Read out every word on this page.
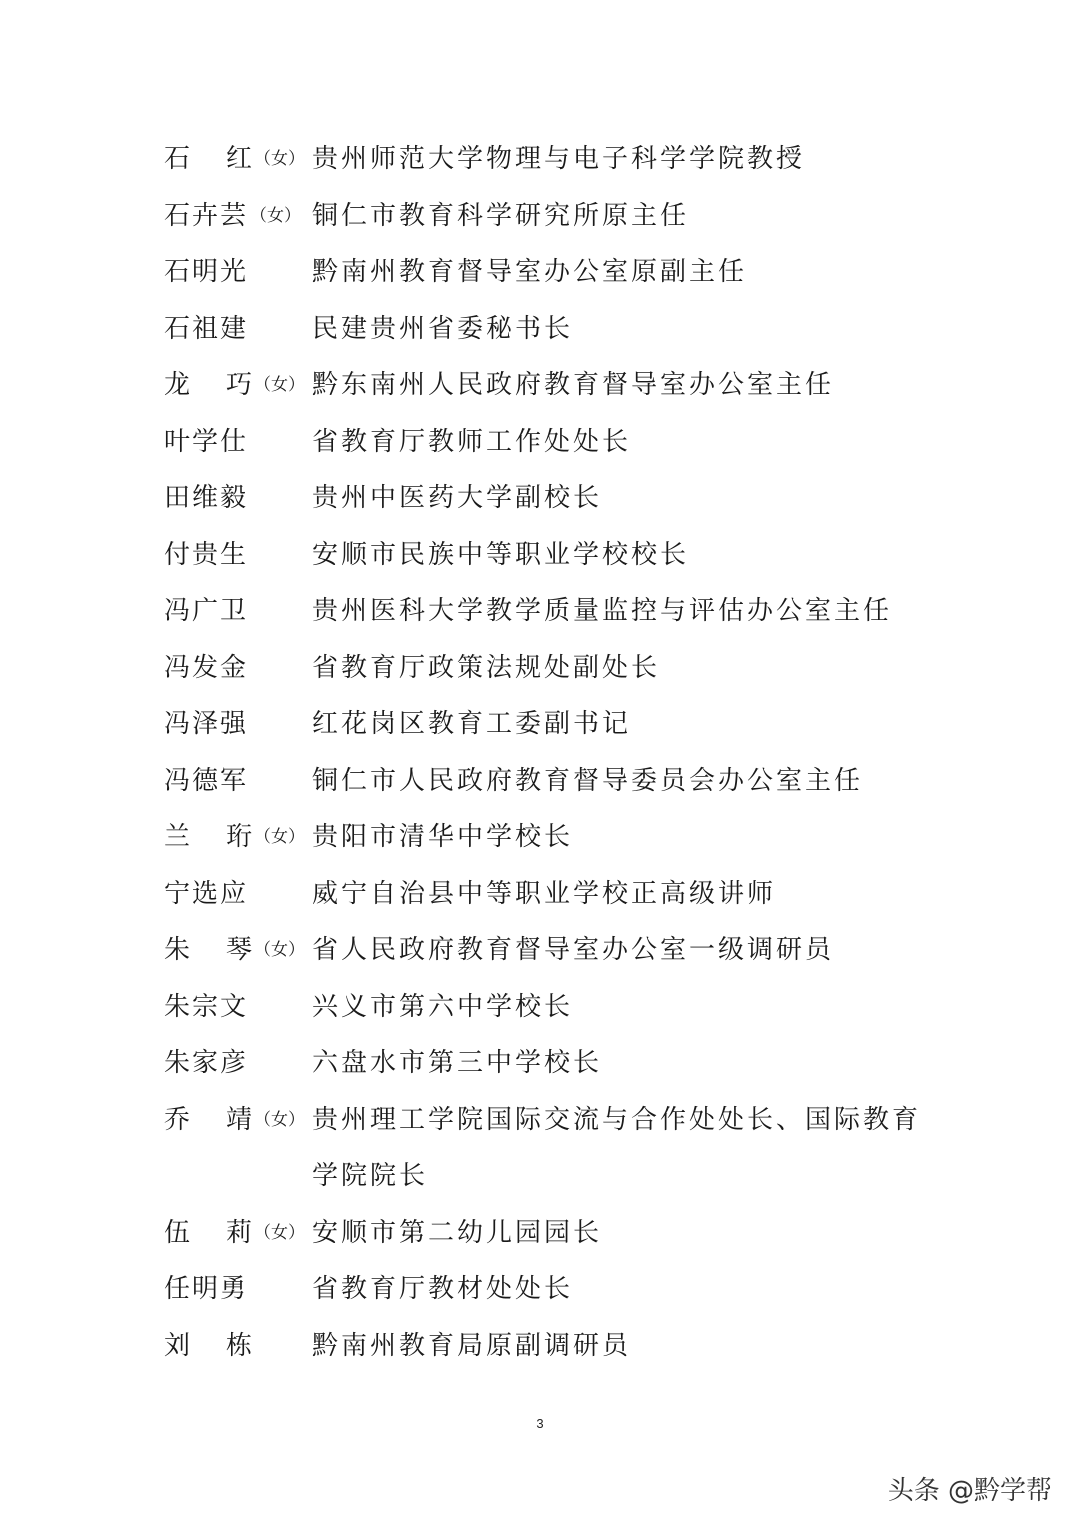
石	红 （女） 贵州师范大学物理与电子科学学院教授
石卉芸 （女） 铜仁市教育科学研究所原主任
石明光 黔南州教育督导室办公室原副主任
石祖建 民建贵州省委秘书长
龙	巧 （女） 黔东南州人民政府教育督导室办公室主任
叶学仕 省教育厅教师工作处处长
田维毅 贵州中医药大学副校长
付贵生 安顺市民族中等职业学校校长
冯广卫 贵州医科大学教学质量监控与评估办公室主任
冯发金 省教育厅政策法规处副处长
冯泽强 红花岗区教育工委副书记
冯德军 铜仁市人民政府教育督导委员会办公室主任
兰	珩 （女） 贵阳市清华中学校长
宁选应 威宁自治县中等职业学校正高级讲师
朱	琴 （女） 省人民政府教育督导室办公室一级调研员
朱宗文 兴义市第六中学校长
朱家彦 六盘水市第三中学校长
乔	靖 （女） 贵州理工学院国际交流与合作处处长、国际教育学院院长
伍	莉 （女） 安顺市第二幼儿园园长
任明勇 省教育厅教材处处长
刘	栋 黔南州教育局原副调研员
3
头条 @黔学帮
